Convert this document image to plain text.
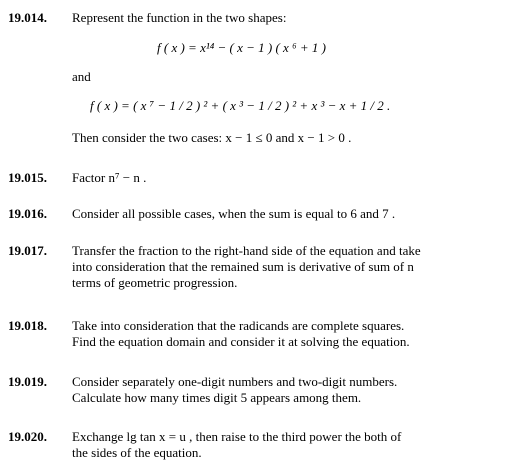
19.014. Represent the function in the two shapes:
f ( x ) = x¹⁴ − ( x − 1 ) ( x ⁶ + 1 )
and
f ( x ) = ( x ⁷ − 1 / 2 ) ² + ( x ³ − 1 / 2 ) ² + x ³ − x + 1 / 2 .
Then consider the two cases: x − 1 ≤ 0 and x − 1 > 0 .
19.015. Factor n⁷ − n .
19.016. Consider all possible cases, when the sum is equal to 6 and 7 .
19.017. Transfer the fraction to the right-hand side of the equation and take
into consideration that the remained sum is derivative of sum of n
terms of geometric progression.
19.018. Take into consideration that the radicands are complete squares.
Find the equation domain and consider it at solving the equation.
19.019. Consider separately one-digit numbers and two-digit numbers.
Calculate how many times digit 5 appears among them.
19.020. Exchange lg tan x = u , then raise to the third power the both of
the sides of the equation.
